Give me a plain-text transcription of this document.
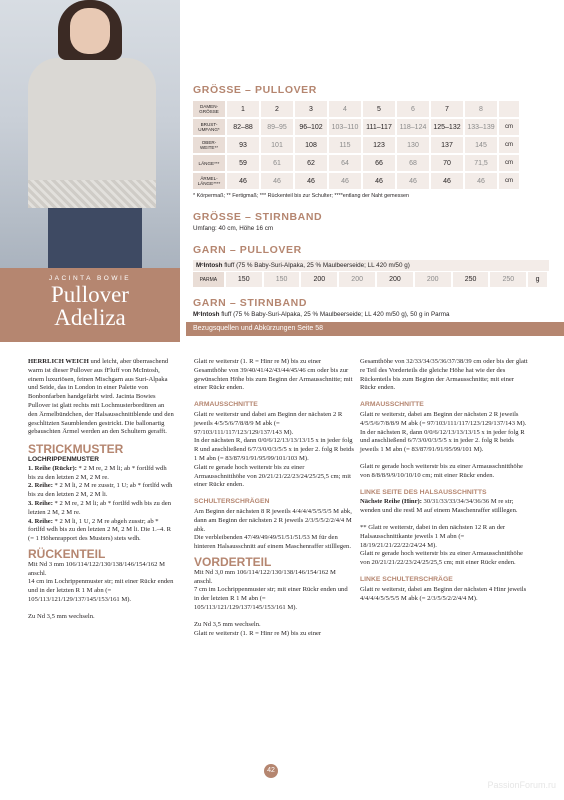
JACINTA BOWIE
Pullover
Adeliza
GRÖSSE – PULLOVER
DAMEN-GRÖSSE	1	2	3	4	5	6	7	8	
BRUST-UMFANG*	82–88	89–95	96–102	103–110	111–117	118–124	125–132	133–139	cm
OBER-WEITE**	93	101	108	115	123	130	137	145	cm
LÄNGE***	59	61	62	64	66	68	70	71,5	cm
ÄRMEL-LÄNGE****	46	46	46	46	46	46	46	46	cm
* Körpermaß; ** Fertigmaß; *** Rückenteil bis zur Schulter; ****entlang der Naht gemessen
GRÖSSE – STIRNBAND
Umfang: 40 cm, Höhe 16 cm
GARN – PULLOVER
MᶜIntosh fluff (75 % Baby-Suri-Alpaka, 25 % Maulbeerseide; LL 420 m/50 g)
PARMA	150	150	200	200	200	200	250	250	g
GARN – STIRNBAND
MᶜIntosh fluff (75 % Baby-Suri-Alpaka, 25 % Maulbeerseide; LL 420 m/50 g), 50 g in Parma
Bezugsquellen und Abkürzungen Seite 58

HERRLICH WEICH und leicht, aber überraschend warm ist dieser Pullover aus fFluff von McIntosh, einem luxuriösen, feinen Mischgarn aus Suri-Alpaka und Seide, das in London in einer Palette von Bonbonfarben handgefärbt wird. Jacinta Bowies Pullover ist glatt rechts mit Lochmusterbordüren an den Ärmelbündchen, der Halsausschnittblende und den geschlitzten Saumblenden gestrickt. Die ballonartig gebauschten Ärmel werden an den Schultern gerafft.

STRICKMUSTER
LOCHRIPPENMUSTER
1. Reihe (Rückr): * 2 M re, 2 M li; ab * fortlfd wdh bis zu den letzten 2 M, 2 M re.
2. Reihe: * 2 M li, 2 M re zusstr, 1 U; ab * fortlfd wdh bis zu den letzten 2 M, 2 M li.
3. Reihe: * 2 M re, 2 M li; ab * fortlfd wdh bis zu den letzten 2 M, 2 M re.
4. Reihe: * 2 M li, 1 U, 2 M re abgeh zusstr; ab * fortlfd wdh bis zu den letzten 2 M, 2 M li. Die 1.–4. R (= 1 Höhenrapport des Musters) stets wdh.
RÜCKENTEIL

Mit Nd 3 mm 106/114/122/130/138/146/154/162 M anschl.

14 cm im Lochrippenmuster str; mit einer Rückr enden und in der letzten R 1 M abn (= 105/113/121/129/137/145/153/161 M).

Zu Nd 3,5 mm wechseln.

Glatt re weiterstr (1. R = Hinr re M) bis zu einer Gesamthöhe von 39/40/41/42/43/44/45/46 cm oder bis zur gewünschten Höhe bis zum Beginn der Armausschnitte; mit einer Rückr enden.

ARMAUSSCHNITTE

Glatt re weiterstr und dabei am Beginn der nächsten 2 R jeweils 4/5/5/6/7/8/8/9 M abk (= 97/103/111/117/123/129/137/143 M).

In der nächsten R, dann 0/0/6/12/13/13/13/15 x in jeder folg R und anschließend 6/7/3/0/0/3/5/5 x in jeder 2. folg R beids 1 M abn (= 83/87/91/91/95/99/101/103 M).

Glatt re gerade hoch weiterstr bis zu einer Armausschnitthöhe von 20/21/21/22/23/24/25/25,5 cm; mit einer Rückr enden.

SCHULTERSCHRÄGEN

Am Beginn der nächsten 8 R jeweils 4/4/4/4/5/5/5/5 M abk, dann am Beginn der nächsten 2 R jeweils 2/3/5/5/2/2/4/4 M abk.

Die verbleibenden 47/49/49/49/51/51/51/53 M für den hinteren Halsausschnitt auf einem Maschenraffer stilllegen.

VORDERTEIL

Mit Nd 3,0 mm 106/114/122/130/138/146/154/162 M anschl.

7 cm im Lochrippenmuster str; mit einer Rückr enden und in der letzten R 1 M abn (= 105/113/121/129/137/145/153/161 M).

Zu Nd 3,5 mm wechseln.

Glatt re weiterstr (1. R = Hinr re M) bis zu einer

Gesamthöhe von 32/33/34/35/36/37/38/39 cm oder bis der glatt re Teil des Vorderteils die gleiche Höhe hat wie der des Rückenteils bis zum Beginn der Armausschnitte; mit einer Rückr enden.

ARMAUSSCHNITTE

Glatt re weiterstr, dabei am Beginn der nächsten 2 R jeweils 4/5/5/6/7/8/8/9 M abk (= 97/103/111/117/123/129/137/143 M).

In der nächsten R, dann 0/0/6/12/13/13/13/15 x in jeder folg R und anschließend 6/7/3/0/0/3/5/5 x in jeder 2. folg R beids jeweils 1 M abn (= 83/87/91/91/95/99/101 M).

Glatt re gerade hoch weiterstr bis zu einer Armausschnitthöhe von 8/8/8/9/9/10/10/10 cm; mit einer Rückr enden.

LINKE SEITE DES HALSAUSSCHNITTS

Nächste Reihe (Hinr): 30/31/33/33/34/34/36/36 M re str; wenden und die restl M auf einem Maschenraffer stilllegen.

** Glatt re weiterstr, dabei in den nächsten 12 R an der Halsausschnittkante jeweils 1 M abn (= 18/19/21/21/22/22/24/24 M).

Glatt re gerade hoch weiterstr bis zu einer Armausschnitthöhe von 20/21/21/22/23/24/25/25,5 cm; mit einer Rückr enden.

LINKE SCHULTERSCHRÄGE

Glatt re weiterstr, dabei am Beginn der nächsten 4 Hinr jeweils 4/4/4/4/5/5/5/5 M abk (= 2/3/5/5/2/2/4/4 M).

42
PassionForum.ru
